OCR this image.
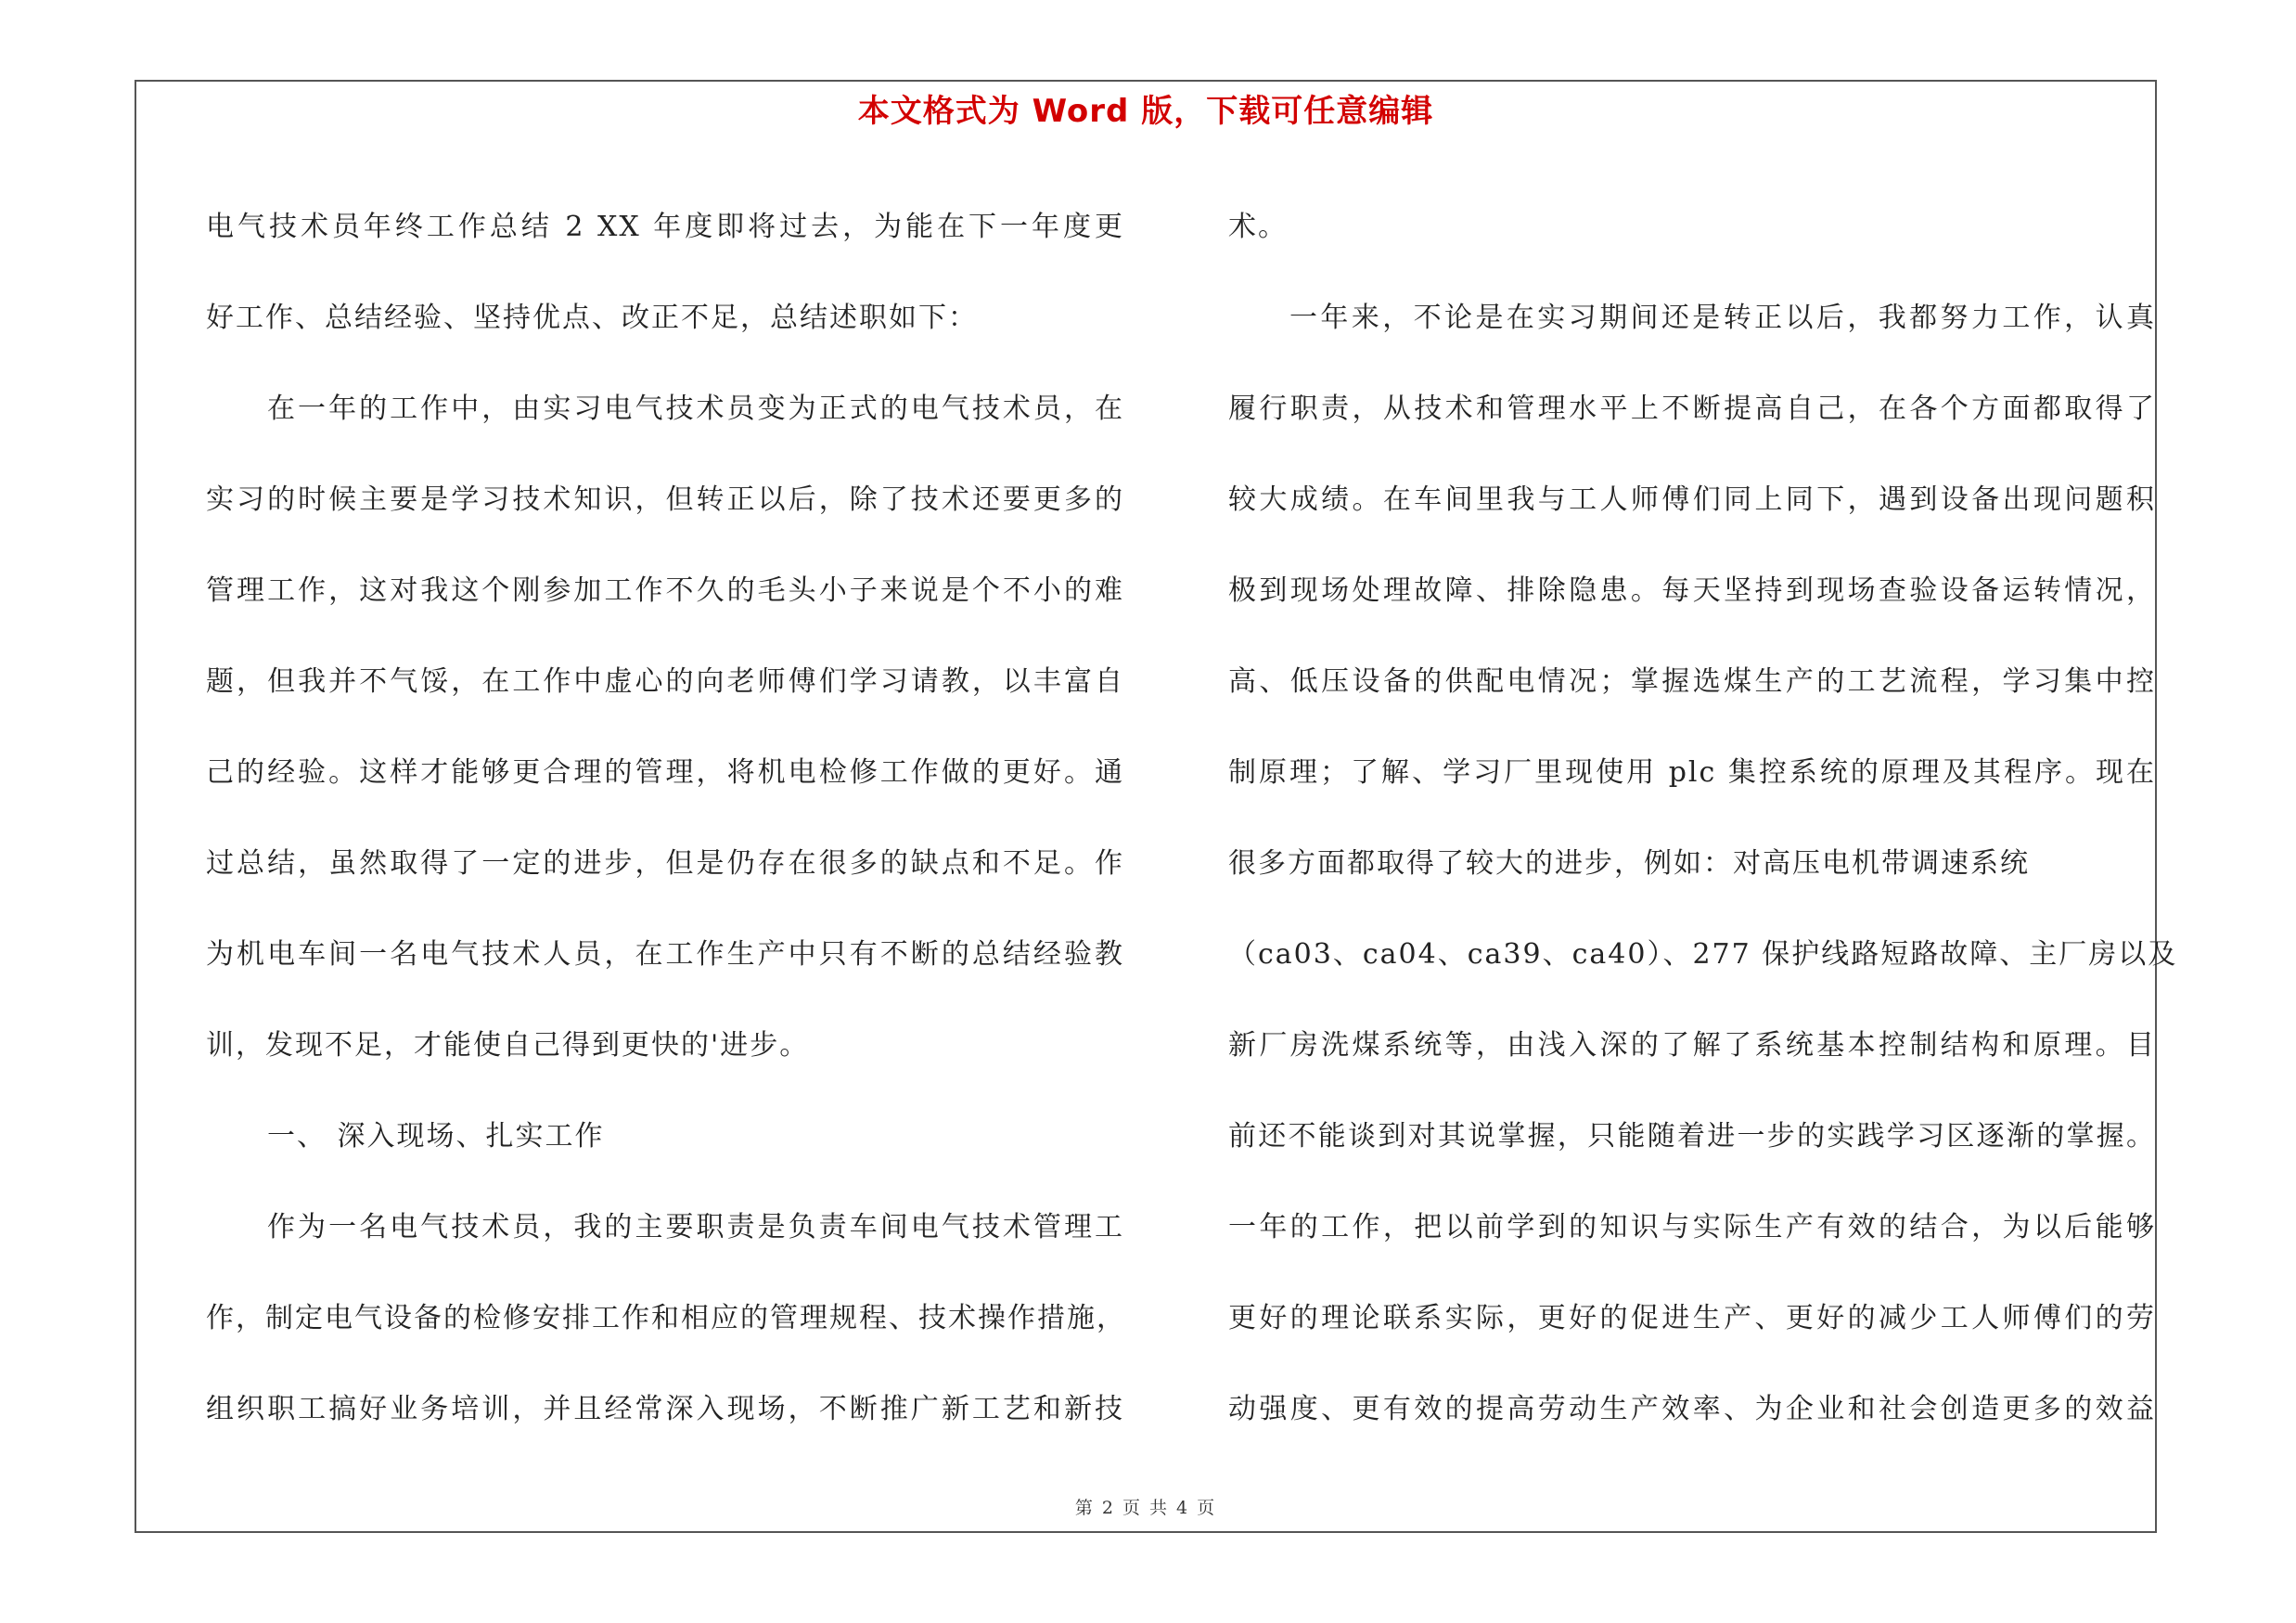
本文格式为 Word 版，下载可任意编辑
电气技术员年终工作总结 2 XX 年度即将过去，为能在下一年度更
好工作、总结经验、坚持优点、改正不足，总结述职如下：
在一年的工作中，由实习电气技术员变为正式的电气技术员，在
实习的时候主要是学习技术知识，但转正以后，除了技术还要更多的
管理工作，这对我这个刚参加工作不久的毛头小子来说是个不小的难
题，但我并不气馁，在工作中虚心的向老师傅们学习请教，以丰富自
己的经验。这样才能够更合理的管理，将机电检修工作做的更好。通
过总结，虽然取得了一定的进步，但是仍存在很多的缺点和不足。作
为机电车间一名电气技术人员，在工作生产中只有不断的总结经验教
训，发现不足，才能使自己得到更快的'进步。
一、 深入现场、扎实工作
作为一名电气技术员，我的主要职责是负责车间电气技术管理工
作，制定电气设备的检修安排工作和相应的管理规程、技术操作措施，
组织职工搞好业务培训，并且经常深入现场，不断推广新工艺和新技
术。
一年来，不论是在实习期间还是转正以后，我都努力工作，认真
履行职责，从技术和管理水平上不断提高自己，在各个方面都取得了
较大成绩。在车间里我与工人师傅们同上同下，遇到设备出现问题积
极到现场处理故障、排除隐患。每天坚持到现场查验设备运转情况，
高、低压设备的供配电情况；掌握选煤生产的工艺流程，学习集中控
制原理；了解、学习厂里现使用 plc 集控系统的原理及其程序。现在
很多方面都取得了较大的进步，例如：对高压电机带调速系统
（ca03、ca04、ca39、ca40）、277 保护线路短路故障、主厂房以及
新厂房洗煤系统等，由浅入深的了解了系统基本控制结构和原理。目
前还不能谈到对其说掌握，只能随着进一步的实践学习区逐渐的掌握。
一年的工作，把以前学到的知识与实际生产有效的结合，为以后能够
更好的理论联系实际，更好的促进生产、更好的减少工人师傅们的劳
动强度、更有效的提高劳动生产效率、为企业和社会创造更多的效益
第 2 页 共 4 页
